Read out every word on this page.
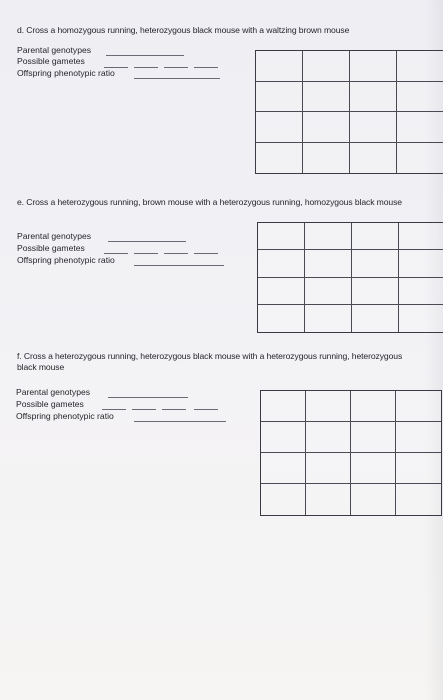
d. Cross a homozygous running, heterozygous black mouse with a waltzing brown mouse
Parental genotypes
Possible gametes
Offspring phenotypic ratio
e. Cross a heterozygous running, brown mouse with a heterozygous running, homozygous black mouse
Parental genotypes
Possible gametes
Offspring phenotypic ratio
f. Cross a heterozygous running, heterozygous black mouse with a heterozygous running, heterozygous black mouse
Parental genotypes
Possible gametes
Offspring phenotypic ratio
